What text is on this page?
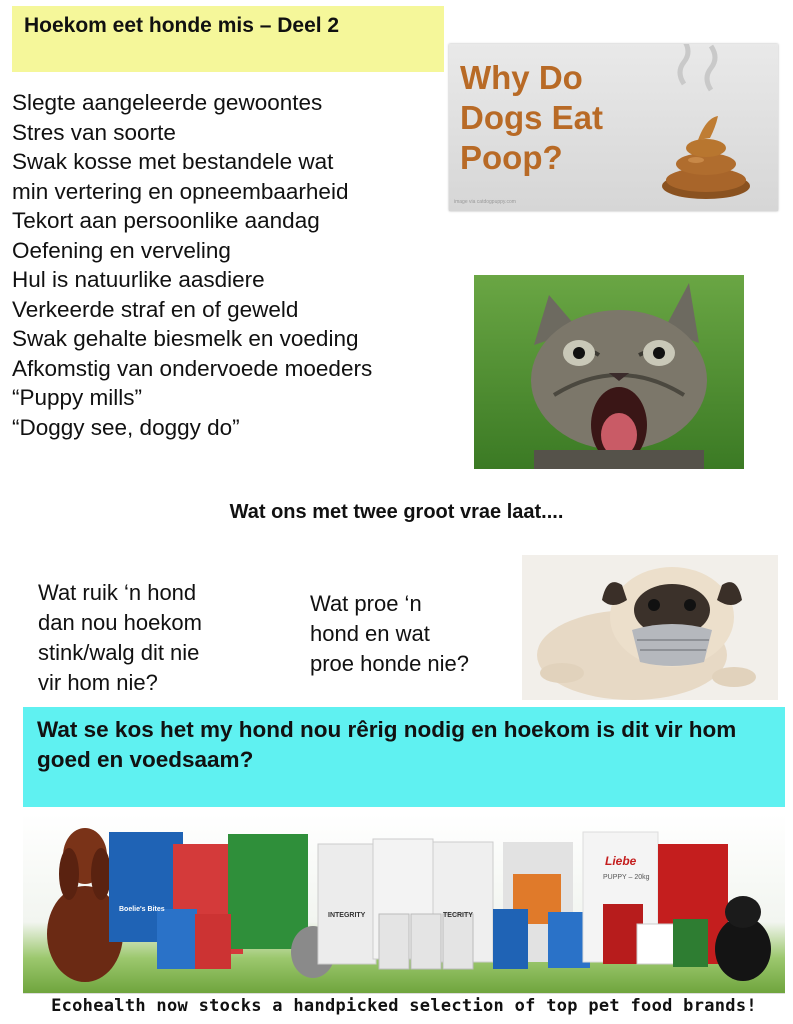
Hoekom eet honde mis – Deel 2
Slegte aangeleerde gewoontes
Stres van soorte
Swak kosse met bestandele wat
min vertering en opneembaarheid
Tekort aan persoonlike aandag
Oefening en verveling
Hul is natuurlike aasdiere
Verkeerde straf en of geweld
Swak gehalte biesmelk en voeding
Afkomstig van ondervoede moeders
“Puppy mills”
“Doggy see, doggy do”
Why Do
Dogs Eat
Poop?
image via catdogpuppy.com
Wat ons met twee groot vrae laat....
Wat ruik ‘n hond
dan nou hoekom
stink/walg dit nie
vir hom nie?
Wat proe ‘n
hond en wat
proe honde nie?
Wat se kos het my hond nou rêrig nodig en hoekom is dit vir hom goed en voedsaam?
Boelie's Bites
INTEGRITY	TECRITY
Liebe
PUPPY – 20kg
Ecohealth now stocks a handpicked selection of top pet food brands!
